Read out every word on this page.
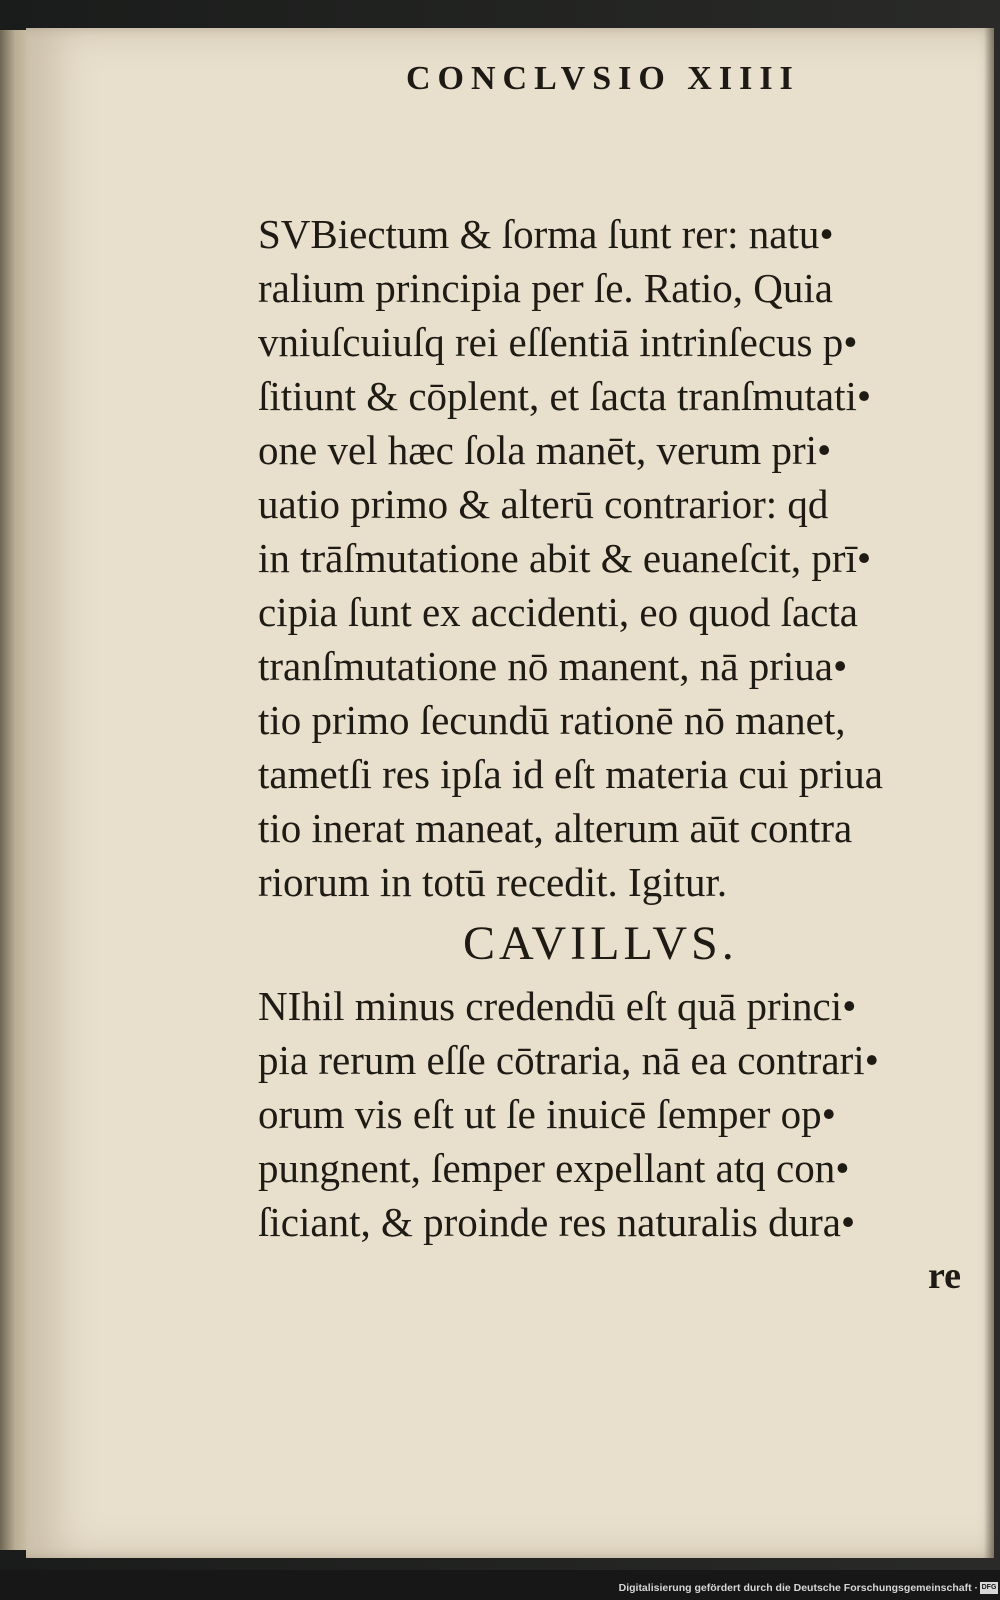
CONCLVSIO XIIII
SVBiectum & ſorma ſunt rer: natu•
ralium principia per ſe. Ratio, Quia
vniuſcuiuſq rei eſſentiā intrinſecus p•
ſitiunt & cōplent, et ſacta tranſmutati•
one vel hæc ſola manēt, verum pri•
uatio primo & alterū contrarior: qd
in trāſmutatione abit & euaneſcit, prī•
cipia ſunt ex accidenti, eo quod ſacta
tranſmutatione nō manent, nā priua•
tio primo ſecundū rationē nō manet,
tametſi res ipſa id eſt materia cui priua
tio inerat maneat, alterum aūt contra
riorum in totū recedit. Igitur.
CAVILLVS.
NIhil minus credendū eſt quā princi•
pia rerum eſſe cōtraria, nā ea contrari•
orum vis eſt ut ſe inuicē ſemper op•
pungnent, ſemper expellant atq con•
ſiciant, & proinde res naturalis dura•
re
Digitalisierung gefördert durch die Deutsche Forschungsgemeinschaft · DFG
